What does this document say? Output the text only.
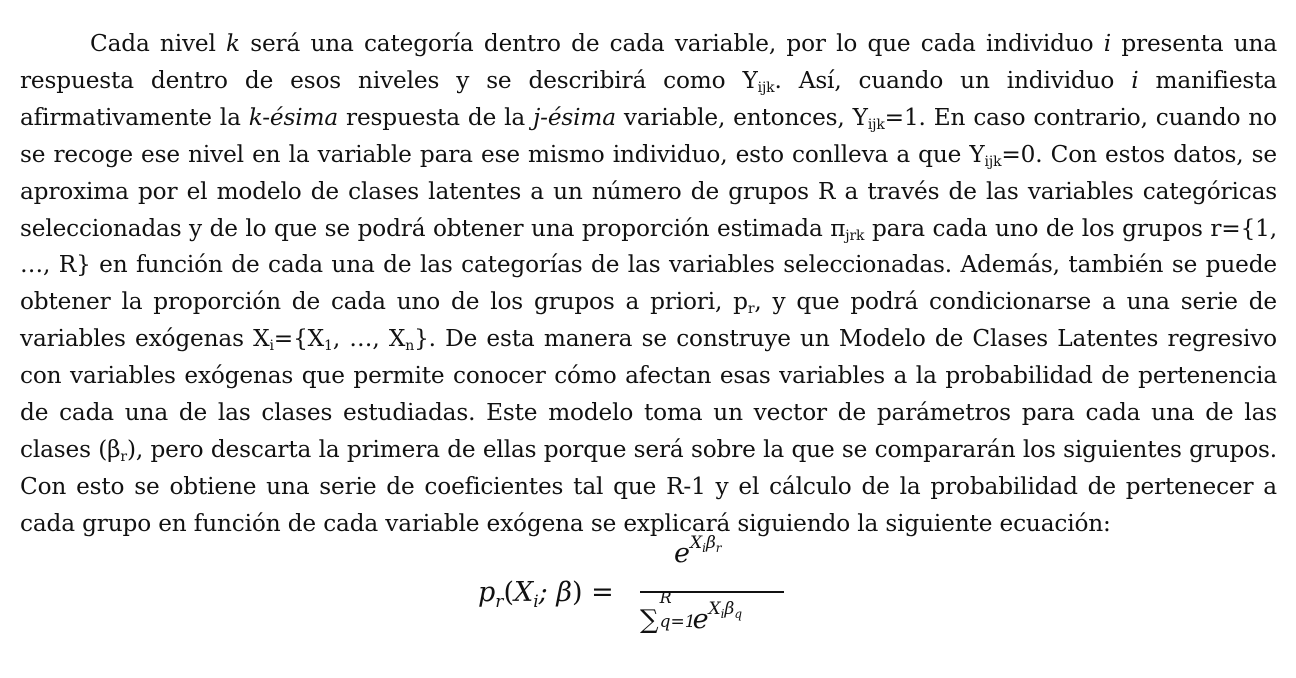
Cada nivel k será una categoría dentro de cada variable, por lo que cada individuo i presenta una respuesta dentro de esos niveles y se describirá como $Y_{ijk}$. Así, cuando un individuo i manifiesta afirmativamente la k-ésima respuesta de la j-ésima variable, entonces, $Y_{ijk}=1$. En caso contrario, cuando no se recoge ese nivel en la variable para ese mismo individuo, esto conlleva a que $Y_{ijk}=0$. Con estos datos, se aproxima por el modelo de clases latentes a un número de grupos R a través de las variables categóricas seleccionadas y de lo que se podrá obtener una proporción estimada $\pi_{jrk}$ para cada uno de los grupos r={1, …, R} en función de cada una de las categorías de las variables seleccionadas. Además, también se puede obtener la proporción de cada uno de los grupos a priori, $p_r$, y que podrá condicionarse a una serie de variables exógenas $X_i=\{X_1$, …, $X_n$}. De esta manera se construye un Modelo de Clases Latentes regresivo con variables exógenas que permite conocer cómo afectan esas variables a la probabilidad de pertenencia de cada una de las clases estudiadas. Este modelo toma un vector de parámetros para cada una de las clases $(\beta_r)$, pero descarta la primera de ellas porque será sobre la que se compararán los siguientes grupos. Con esto se obtiene una serie de coeficientes tal que R-1 y el cálculo de la probabilidad de pertenecer a cada grupo en función de cada variable exógena se explicará siguiendo la siguiente ecuación:

$p_r(X_i$; β) =
$e^{X_i\beta_r}$
∑
R
q=1
$e^{X_i\beta_q}$
